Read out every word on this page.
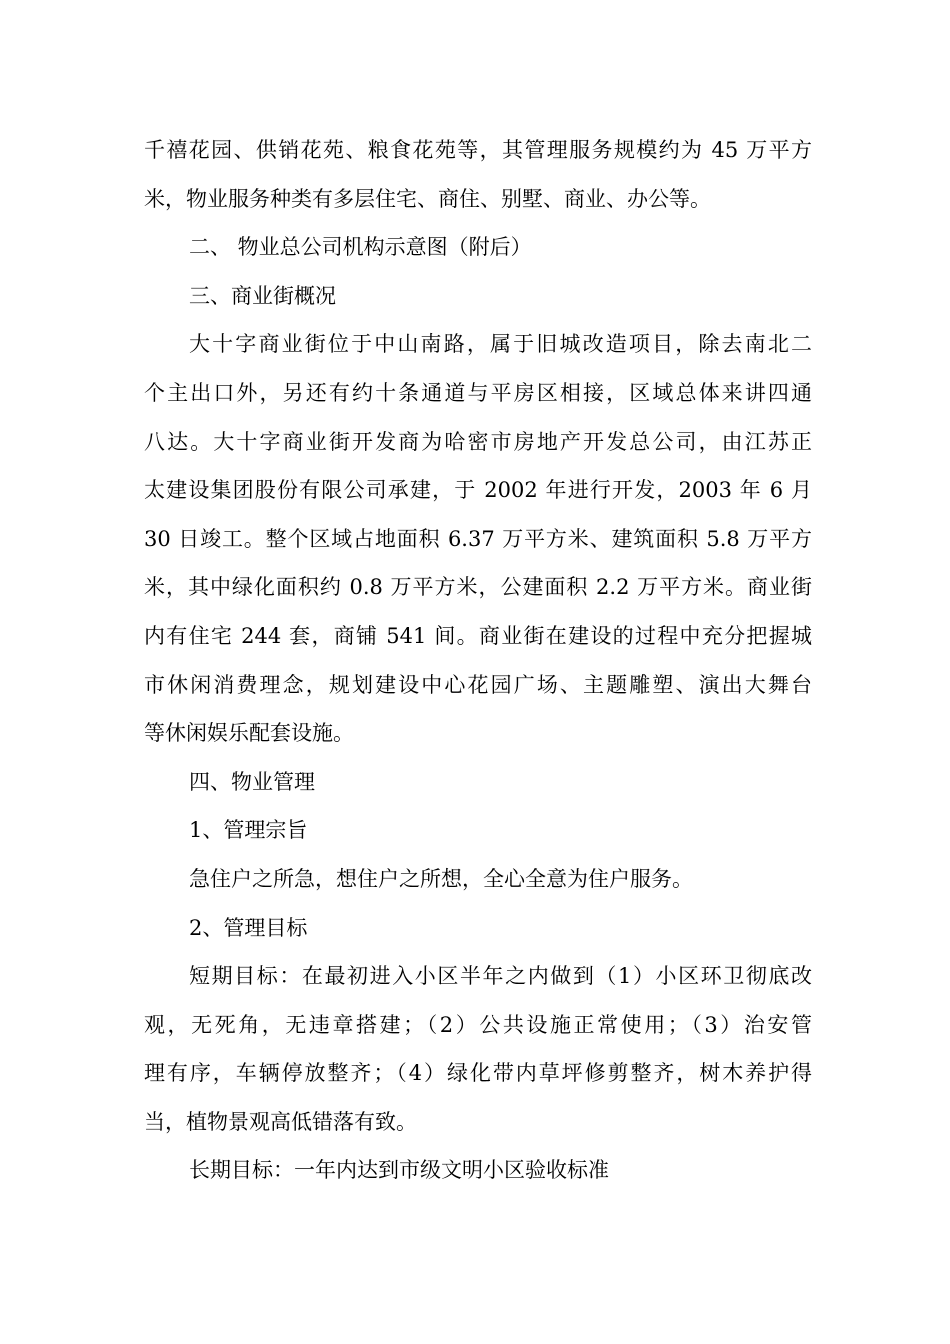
千禧花园、供销花苑、粮食花苑等，其管理服务规模约为 45 万平方
米，物业服务种类有多层住宅、商住、别墅、商业、办公等。
二、 物业总公司机构示意图（附后）
三、商业街概况
大十字商业街位于中山南路，属于旧城改造项目，除去南北二
个主出口外，另还有约十条通道与平房区相接，区域总体来讲四通
八达。大十字商业街开发商为哈密市房地产开发总公司，由江苏正
太建设集团股份有限公司承建，于 2002 年进行开发，2003 年 6 月
30 日竣工。整个区域占地面积 6.37 万平方米、建筑面积 5.8 万平方
米，其中绿化面积约 0.8 万平方米，公建面积 2.2 万平方米。商业街
内有住宅 244 套，商铺 541 间。商业街在建设的过程中充分把握城
市休闲消费理念，规划建设中心花园广场、主题雕塑、演出大舞台
等休闲娱乐配套设施。
四、物业管理
1、管理宗旨
急住户之所急，想住户之所想，全心全意为住户服务。
2、管理目标
短期目标：在最初进入小区半年之内做到（1）小区环卫彻底改
观，无死角，无违章搭建；（2）公共设施正常使用；（3）治安管
理有序，车辆停放整齐；（4）绿化带内草坪修剪整齐，树木养护得
当，植物景观高低错落有致。
长期目标：一年内达到市级文明小区验收标准
